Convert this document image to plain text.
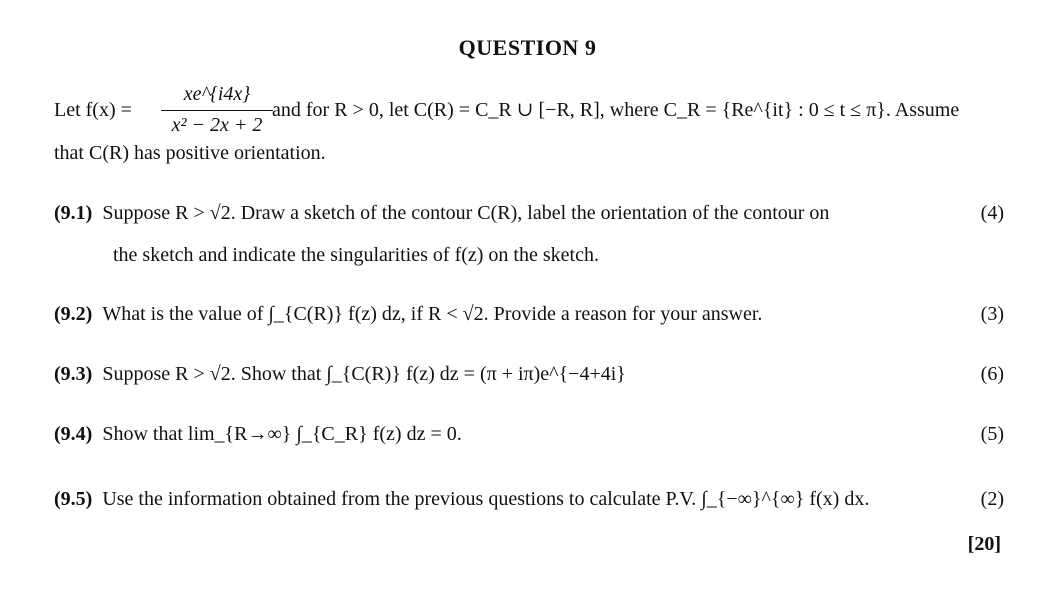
QUESTION 9
Let f(x) =
xe^{i4x}
x² − 2x + 2
and for R > 0, let C(R) = C_R ∪ [−R, R], where C_R = {Re^{it} : 0 ≤ t ≤ π}. Assume
that C(R) has positive orientation.
(9.1) Suppose R > √2. Draw a sketch of the contour C(R), label the orientation of the contour on	(4)
the sketch and indicate the singularities of f(z) on the sketch.
(9.2) What is the value of ∫_{C(R)} f(z) dz, if R < √2. Provide a reason for your answer.	(3)
(9.3) Suppose R > √2. Show that ∫_{C(R)} f(z) dz = (π + iπ)e^{−4+4i}	(6)
(9.4) Show that lim_{R→∞} ∫_{C_R} f(z) dz = 0.	(5)
(9.5) Use the information obtained from the previous questions to calculate P.V. ∫_{−∞}^{∞} f(x) dx.	(2)
[20]
